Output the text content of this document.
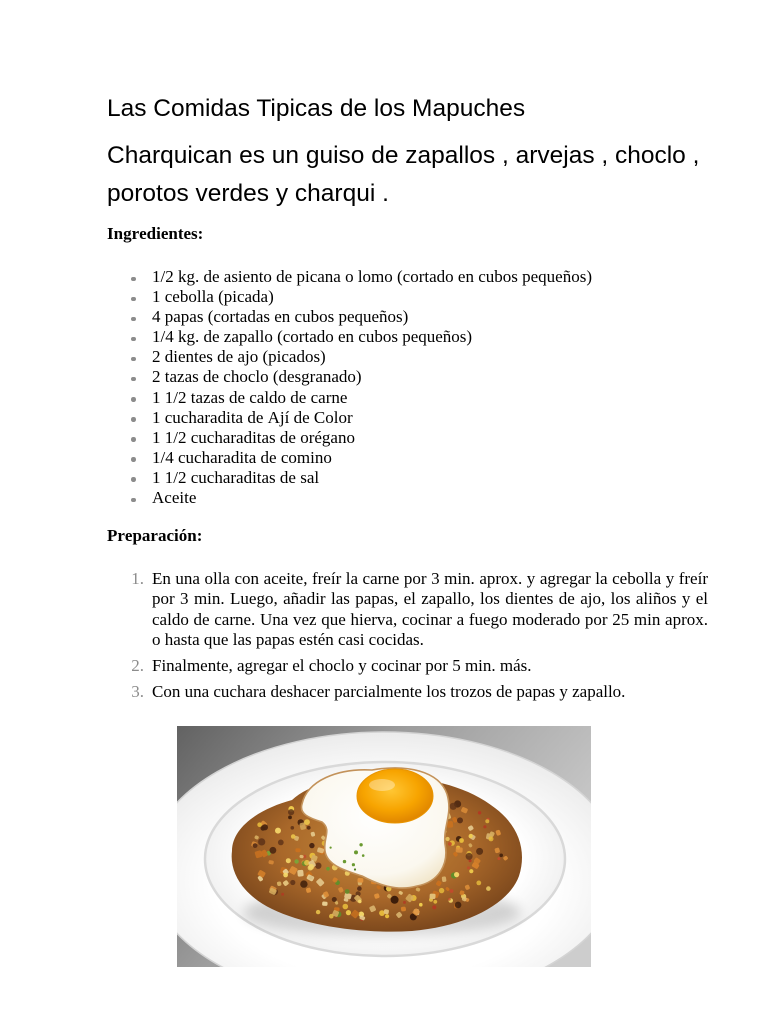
Las Comidas Tipicas de los Mapuches
Charquican es un guiso de zapallos , arvejas , choclo , porotos verdes y charqui .
Ingredientes:
1/2 kg. de asiento de picana o lomo (cortado en cubos pequeños)
1 cebolla (picada)
4 papas (cortadas en cubos pequeños)
1/4 kg. de zapallo (cortado en cubos pequeños)
2 dientes de ajo (picados)
2 tazas de choclo (desgranado)
1 1/2 tazas de caldo de carne
1 cucharadita de Ají de Color
1 1/2 cucharaditas de orégano
1/4 cucharadita de comino
1 1/2 cucharaditas de sal
Aceite
Preparación:
1. En una olla con aceite, freír la carne por 3 min. aprox. y agregar la cebolla y freír por 3 min. Luego, añadir las papas, el zapallo, los dientes de ajo, los aliños y el caldo de carne. Una vez que hierva, cocinar a fuego moderado por 25 min aprox. o hasta que las papas estén casi cocidas.
2. Finalmente, agregar el choclo y cocinar por 5 min. más.
3. Con una cuchara deshacer parcialmente los trozos de papas y zapallo.
